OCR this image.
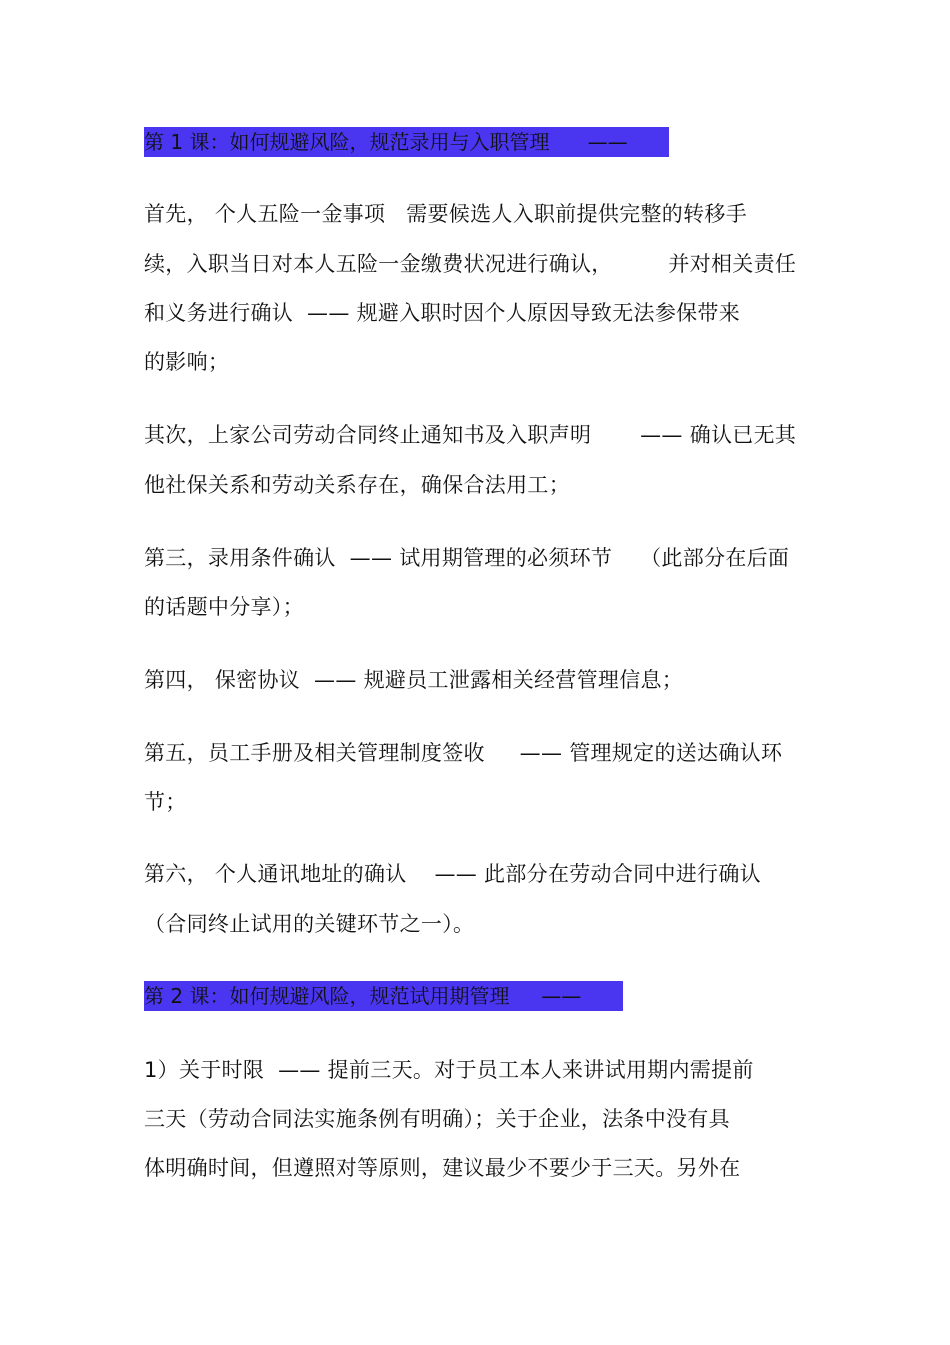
第 1 课：如何规避风险，规范录用与入职管理      ——
首先， 个人五险一金事项   需要候选人入职前提供完整的转移手
续，入职当日对本人五险一金缴费状况进行确认，        并对相关责任
和义务进行确认  —— 规避入职时因个人原因导致无法参保带来
的影响；
其次，上家公司劳动合同终止通知书及入职声明       —— 确认已无其
他社保关系和劳动关系存在，确保合法用工；
第三，录用条件确认  —— 试用期管理的必须环节    （此部分在后面
的话题中分享）；
第四， 保密协议  —— 规避员工泄露相关经营管理信息；
第五，员工手册及相关管理制度签收     —— 管理规定的送达确认环
节；
第六， 个人通讯地址的确认    —— 此部分在劳动合同中进行确认
（合同终止试用的关键环节之一）。
第 2 课：如何规避风险，规范试用期管理     ——
1）关于时限  —— 提前三天。对于员工本人来讲试用期内需提前
三天（劳动合同法实施条例有明确）；关于企业，法条中没有具
体明确时间，但遵照对等原则，建议最少不要少于三天。另外在
